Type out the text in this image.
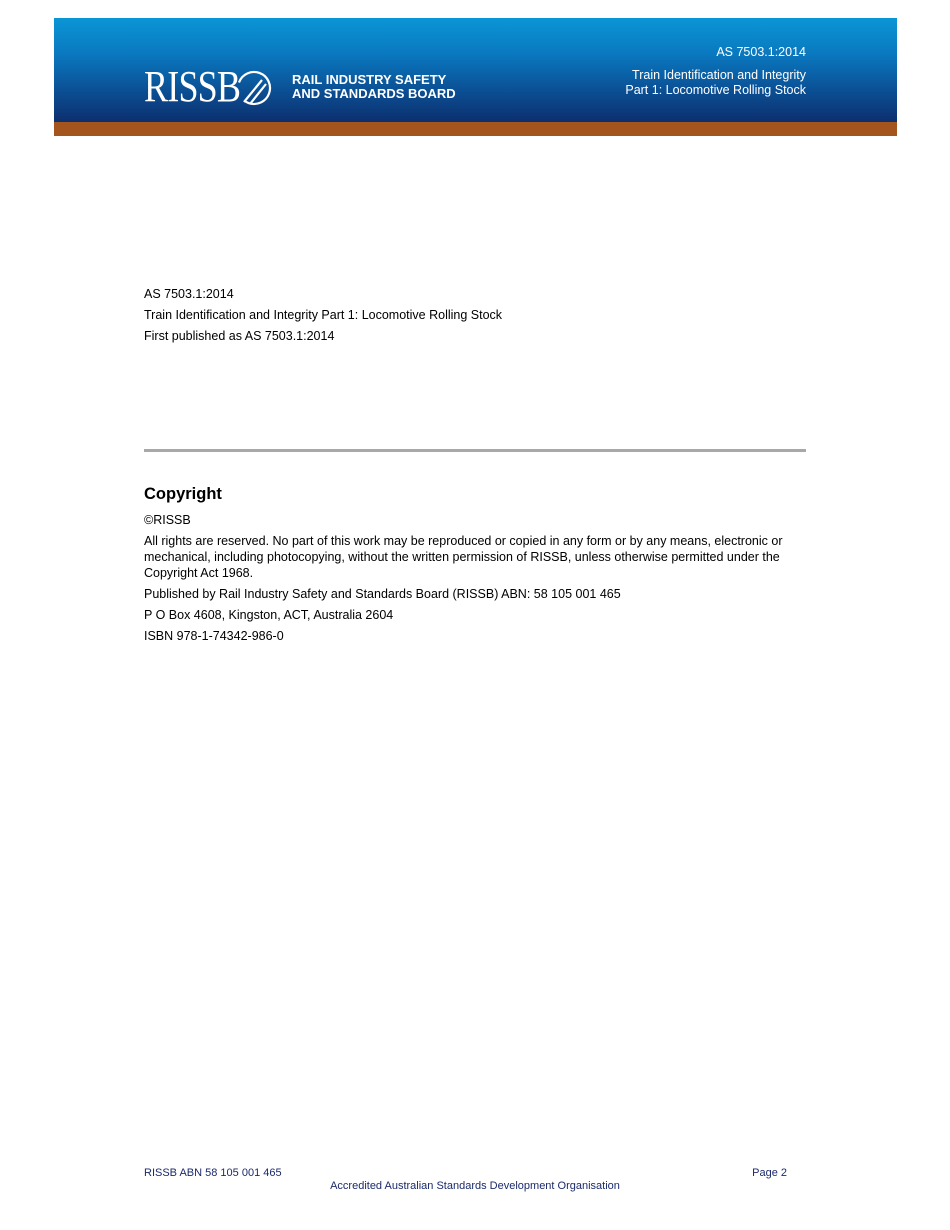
RISSB	RAIL INDUSTRY SAFETY
AND STANDARDS BOARD
AS 7503.1:2014
Train Identification and Integrity
Part 1: Locomotive Rolling Stock
AS 7503.1:2014
Train Identification and Integrity Part 1: Locomotive Rolling Stock
First published as AS 7503.1:2014
Copyright

©RISSB

All rights are reserved. No part of this work may be reproduced or copied in any form or by any means, electronic or mechanical, including photocopying, without the written permission of RISSB, unless otherwise permitted under the Copyright Act 1968.

Published by Rail Industry Safety and Standards Board (RISSB) ABN: 58 105 001 465

P O Box 4608, Kingston, ACT, Australia 2604

ISBN 978-1-74342-986-0

RISSB ABN 58 105 001 465	Page 2
Accredited Australian Standards Development Organisation
